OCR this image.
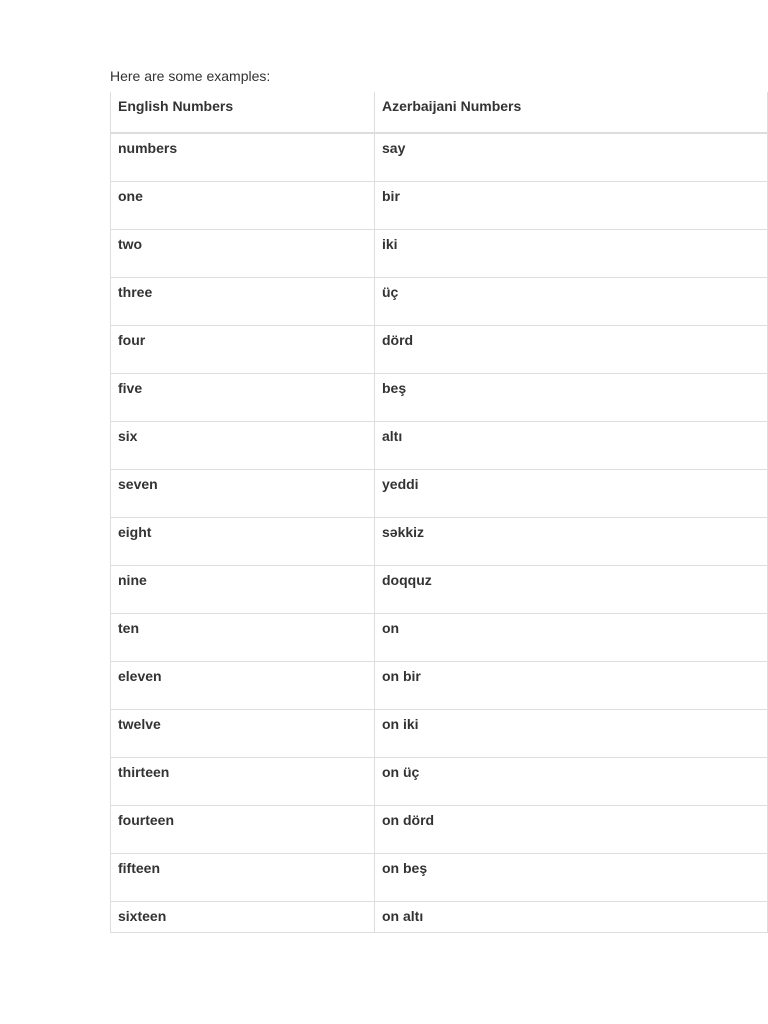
Here are some examples:

English Numbers	Azerbaijani Numbers
numbers	say
one	bir
two	iki
three	üç
four	dörd
five	beş
six	altı
seven	yeddi
eight	səkkiz
nine	doqquz
ten	on
eleven	on bir
twelve	on iki
thirteen	on üç
fourteen	on dörd
fifteen	on beş
sixteen	on altı
